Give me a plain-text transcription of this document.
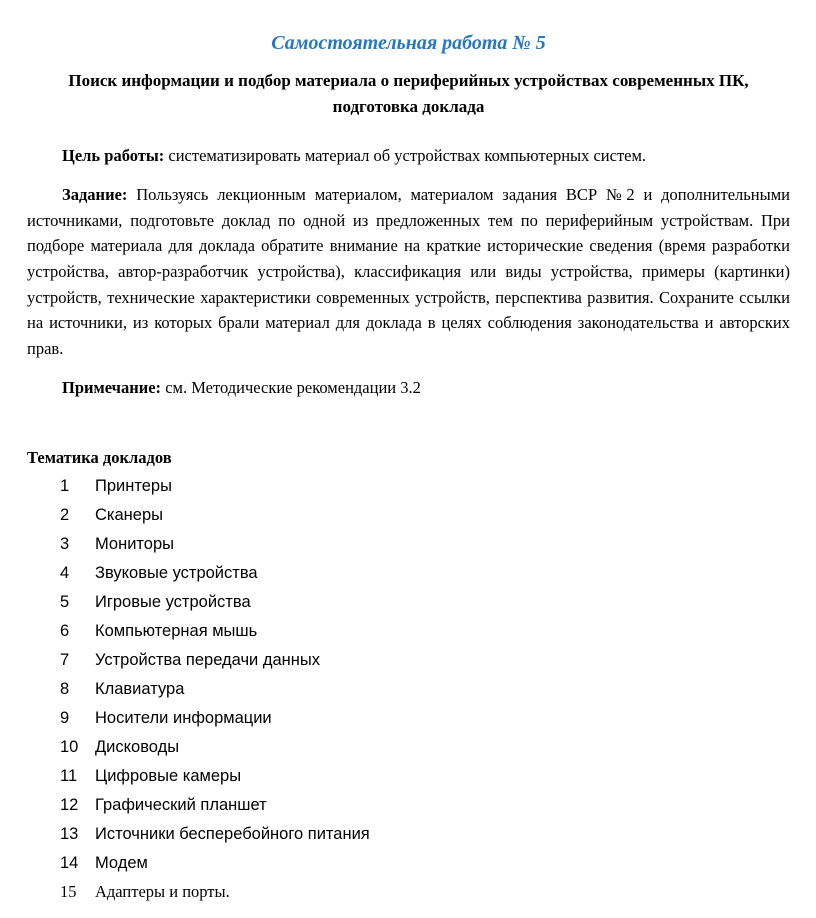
Самостоятельная работа № 5
Поиск информации и подбор материала о периферийных устройствах современных ПК, подготовка доклада

Цель работы: систематизировать материал об устройствах компьютерных систем.

Задание: Пользуясь лекционным материалом, материалом задания ВСР №2 и дополнительными источниками, подготовьте доклад по одной из предложенных тем по периферийным устройствам. При подборе материала для доклада обратите внимание на краткие исторические сведения (время разработки устройства, автор-разработчик устройства), классификация или виды устройства, примеры (картинки) устройств, технические характеристики современных устройств, перспектива развития. Сохраните ссылки на источники, из которых брали материал для доклада в целях соблюдения законодательства и авторских прав.

Примечание: см. Методические рекомендации 3.2

Тематика докладов
1	Принтеры
2	Сканеры
3	Мониторы
4	Звуковые устройства
5	Игровые устройства
6	Компьютерная мышь
7	Устройства передачи данных
8	Клавиатура
9	Носители информации
10	Дисководы
11	Цифровые камеры
12	Графический планшет
13	Источники бесперебойного питания
14	Модем
15	Адаптеры и порты.
